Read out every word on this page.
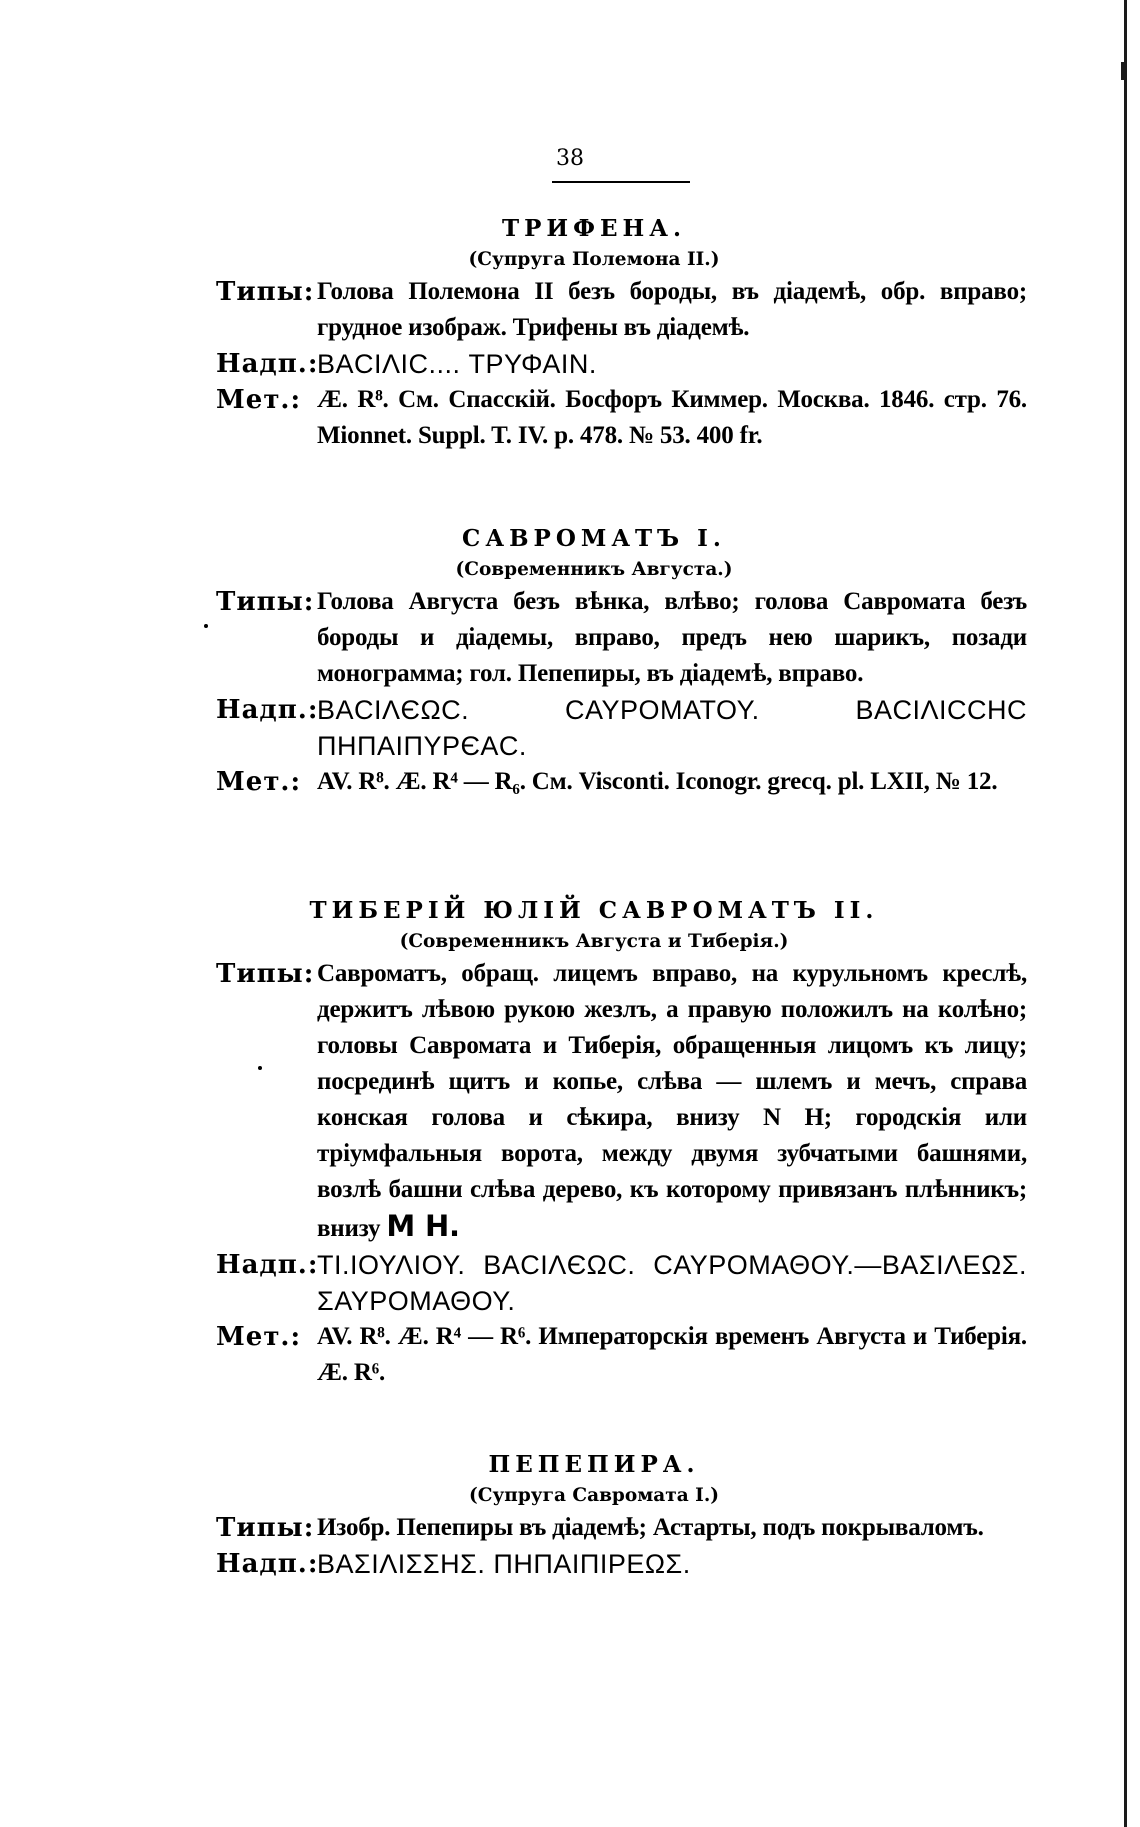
38
ТРИФЕНА.
(Супруга Полемона II.)
Типы: Голова Полемона II безъ бороды, въ діадемѣ, обр. вправо; грудное изображ. Трифены въ діадемѣ.
Надп.:
ΒΑCΙΛΙC.... ΤΡΥΦΑΙΝ.
Мет.: Æ. R⁸. См. Спасскій. Босфоръ Киммер. Москва. 1846. стр. 76. Mionnet. Suppl. T. IV. p. 478. № 53. 400 fr.
САВРОМАТЪ I.
(Современникъ Августа.)
Типы: Голова Августа безъ вѣнка, влѣво; голова Савромата безъ бороды и діадемы, вправо, предъ нею шарикъ, позади монограмма; гол. Пепепиры, въ діадемѣ, вправо.
Надп.:
ΒΑCΙΛЄΩC. CΑΥΡΟΜΑΤΟΥ. ΒΑCΙΛΙCCΗC ΠΗΠΑΙΠΥΡЄΑC.
Мет.: AV. R⁸. Æ. R⁴ — R₆. См. Visconti. Iconogr. grecq. pl. LXII, № 12.
ТИБЕРІЙ ЮЛІЙ САВРОМАТЪ II.
(Современникъ Августа и Тиберія.)
Типы: Савроматъ, обращ. лицемъ вправо, на курульномъ креслѣ, держитъ лѣвою рукою жезлъ, а правую положилъ на колѣно; головы Савромата и Тиберія, обращенныя лицомъ къ лицу; посрединѣ щитъ и копье, слѣва — шлемъ и мечъ, справа конская голова и сѣкира, внизу N H; городскія или тріумфальныя ворота, между двумя зубчатыми башнями, возлѣ башни слѣва дерево, къ которому привязанъ плѣнникъ; внизу M H.
Надп.:
ΤΙ.ΙΟΥΛΙΟΥ. ΒΑCΙΛЄΩC. CΑΥΡΟΜΑΘΟΥ.—ΒΑΣΙΛΕΩΣ. ΣΑΥΡΟΜΑΘΟΥ.
Мет.: AV. R⁸. Æ. R⁴ — R⁶. Императорскія временъ Августа и Тиберія. Æ. R⁶.
ПЕПЕПИРА.
(Супруга Савромата I.)
Типы: Изобр. Пепепиры въ діадемѣ; Астарты, подъ покрываломъ.
Надп.:
ΒΑΣΙΛΙΣΣΗΣ. ΠΗΠΑΙΠΙΡΕΩΣ.
